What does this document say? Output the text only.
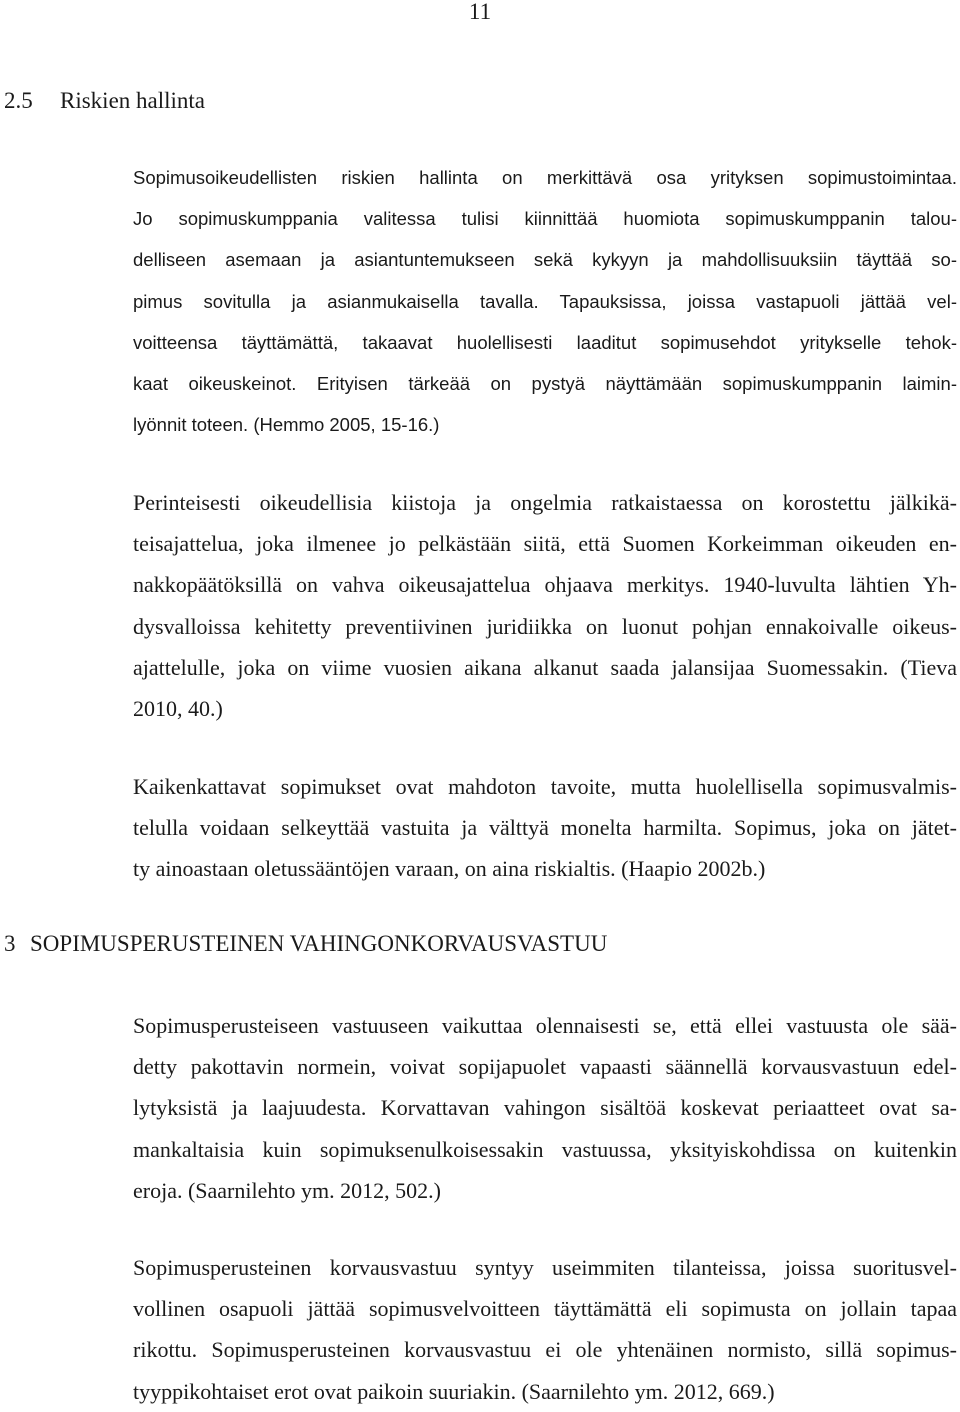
11
2.5 Riskien hallinta

Sopimusoikeudellisten riskien hallinta on merkittävä osa yrityksen sopimustoimintaa.
Jo sopimuskumppania valitessa tulisi kiinnittää huomiota sopimuskumppanin talou-
delliseen asemaan ja asiantuntemukseen sekä kykyyn ja mahdollisuuksiin täyttää so-
pimus sovitulla ja asianmukaisella tavalla. Tapauksissa, joissa vastapuoli jättää vel-
voitteensa täyttämättä, takaavat huolellisesti laaditut sopimusehdot yritykselle tehok-
kaat oikeuskeinot. Erityisen tärkeää on pystyä näyttämään sopimuskumppanin laimin-
lyönnit toteen. (Hemmo 2005, 15-16.)

Perinteisesti oikeudellisia kiistoja ja ongelmia ratkaistaessa on korostettu jälkikä-
teisajattelua, joka ilmenee jo pelkästään siitä, että Suomen Korkeimman oikeuden en-
nakkopäätöksillä on vahva oikeusajattelua ohjaava merkitys. 1940-luvulta lähtien Yh-
dysvalloissa kehitetty preventiivinen juridiikka on luonut pohjan ennakoivalle oikeus-
ajattelulle, joka on viime vuosien aikana alkanut saada jalansijaa Suomessakin. (Tieva
2010, 40.)

Kaikenkattavat sopimukset ovat mahdoton tavoite, mutta huolellisella sopimusvalmis-
telulla voidaan selkeyttää vastuita ja välttyä monelta harmilta. Sopimus, joka on jätet-
ty ainoastaan oletussääntöjen varaan, on aina riskialtis. (Haapio 2002b.)

3 SOPIMUSPERUSTEINEN VAHINGONKORVAUSVASTUU

Sopimusperusteiseen vastuuseen vaikuttaa olennaisesti se, että ellei vastuusta ole sää-
detty pakottavin normein, voivat sopijapuolet vapaasti säännellä korvausvastuun edel-
lytyksistä ja laajuudesta. Korvattavan vahingon sisältöä koskevat periaatteet ovat sa-
mankaltaisia kuin sopimuksenulkoisessakin vastuussa, yksityiskohdissa on kuitenkin
eroja. (Saarnilehto ym. 2012, 502.)

Sopimusperusteinen korvausvastuu syntyy useimmiten tilanteissa, joissa suoritusvel-
vollinen osapuoli jättää sopimusvelvoitteen täyttämättä eli sopimusta on jollain tapaa
rikottu. Sopimusperusteinen korvausvastuu ei ole yhtenäinen normisto, sillä sopimus-
tyyppikohtaiset erot ovat paikoin suuriakin. (Saarnilehto ym. 2012, 669.)
